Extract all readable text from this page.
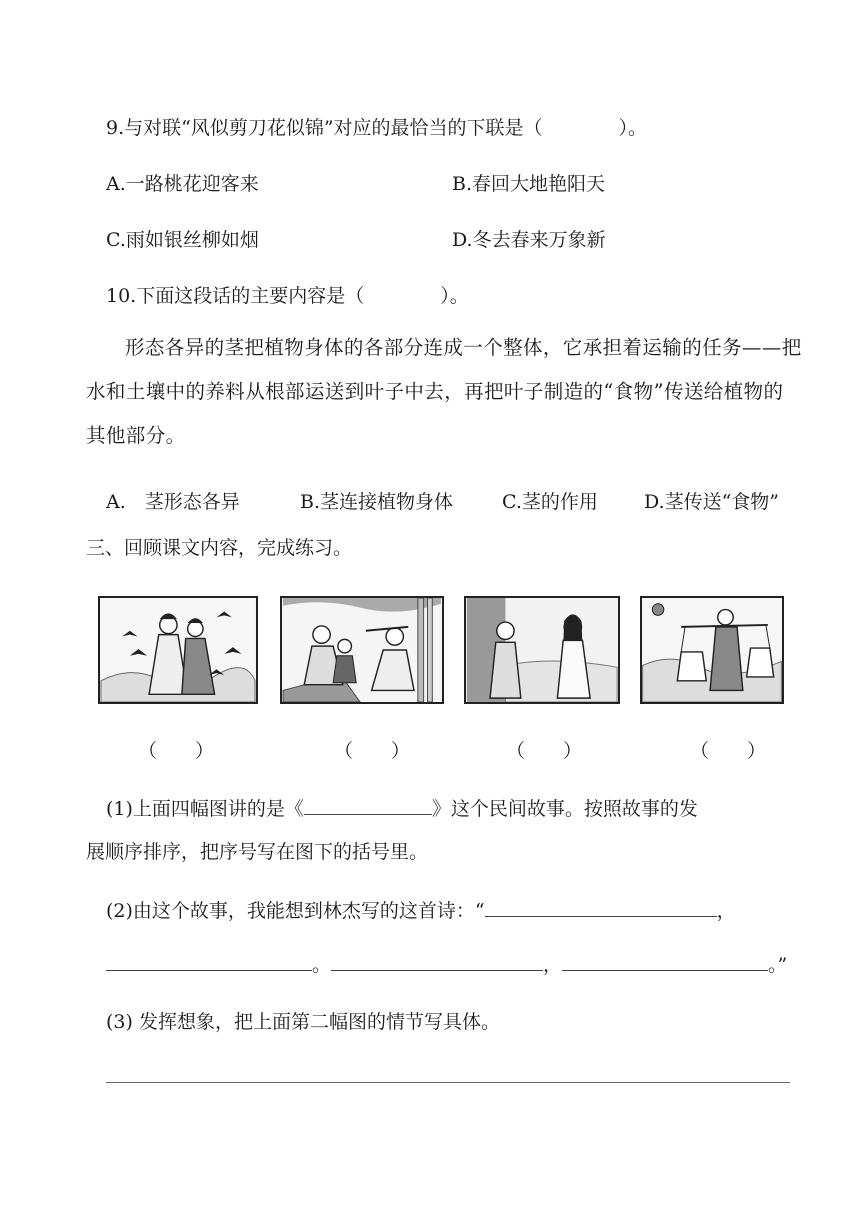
9.与对联“风似剪刀花似锦”对应的最恰当的下联是（　　　　）。
A.一路桃花迎客来	B.春回大地艳阳天
C.雨如银丝柳如烟	D.冬去春来万象新
10.下面这段话的主要内容是（　　　　）。
形态各异的茎把植物身体的各部分连成一个整体，它承担着运输的任务——把水和土壤中的养料从根部运送到叶子中去，再把叶子制造的“食物”传送给植物的其他部分。
A.　茎形态各异	B.茎连接植物身体	C.茎的作用 D.茎传送“食物”
三、回顾课文内容，完成练习。
（　　）	（　　）	（　　）	（　　）
(1)上面四幅图讲的是《	》这个民间故事。按照故事的发
展顺序排序，把序号写在图下的括号里。
(2)由这个故事，我能想到林杰写的这首诗：“	，
。	，	。”
(3) 发挥想象，把上面第二幅图的情节写具体。
